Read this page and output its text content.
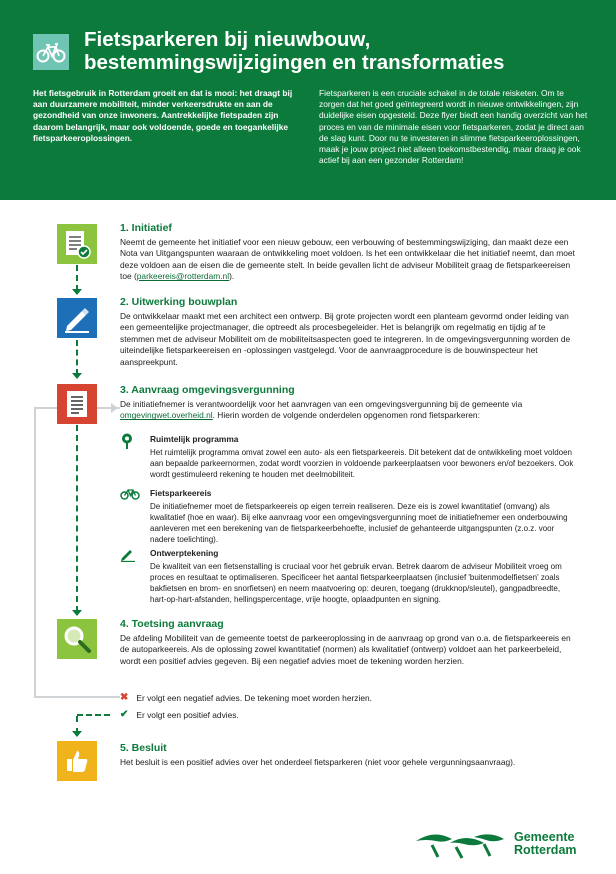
Fietsparkeren bij nieuwbouw,
bestemmingswijzigingen en transformaties
Het fietsgebruik in Rotterdam groeit en dat is mooi: het draagt bij aan duurzamere mobiliteit, minder verkeersdrukte en aan de gezondheid van onze inwoners. Aantrekkelijke fietspaden zijn daarom belangrijk, maar ook voldoende, goede en toegankelijke fietsparkeeroplossingen.
Fietsparkeren is een cruciale schakel in de totale reisketen. Om te zorgen dat het goed geïntegreerd wordt in nieuwe ontwikkelingen, zijn duidelijke eisen opgesteld. Deze flyer biedt een handig overzicht van het proces en van de minimale eisen voor fietsparkeren, zodat je direct aan de slag kunt. Door nu te investeren in slimme fietsparkeeroplossingen, maak je jouw project niet alleen toekomstbestendig, maar draag je ook actief bij aan een gezonder Rotterdam!
1. Initiatief
Neemt de gemeente het initiatief voor een nieuw gebouw, een verbouwing of bestemmingswijziging, dan maakt deze een Nota van Uitgangspunten waaraan de ontwikkeling moet voldoen. Is het een ontwikkelaar die het initiatief neemt, dan moet deze voldoen aan de eisen die de gemeente stelt. In beide gevallen licht de adviseur Mobiliteit graag de fietsparkeereisen toe (parkeereis@rotterdam.nl).
2. Uitwerking bouwplan
De ontwikkelaar maakt met een architect een ontwerp. Bij grote projecten wordt een planteam gevormd onder leiding van een gemeentelijke projectmanager, die optreedt als procesbegeleider. Het is belangrijk om regelmatig en tijdig af te stemmen met de adviseur Mobiliteit om de mobiliteitsaspecten goed te integreren. In de omgevingsvergunning worden de uiteindelijke fietsparkeereisen en -oplossingen vastgelegd. Voor de aanvraagprocedure is de bouwinspecteur het aanspreekpunt.
3. Aanvraag omgevingsvergunning
De initiatiefnemer is verantwoordelijk voor het aanvragen van een omgevingsvergunning bij de gemeente via omgevingwet.overheid.nl. Hierin worden de volgende onderdelen opgenomen rond fietsparkeren:
Ruimtelijk programma
Het ruimtelijk programma omvat zowel een auto- als een fietsparkeereis. Dit betekent dat de ontwikkeling moet voldoen aan bepaalde parkeernormen, zodat wordt voorzien in voldoende parkeerplaatsen voor bewoners en/of bezoekers. Ook wordt gestimuleerd rekening te houden met deelmobiliteit.
Fietsparkeereis
De initiatiefnemer moet de fietsparkeereis op eigen terrein realiseren. Deze eis is zowel kwantitatief (omvang) als kwalitatief (hoe en waar). Bij elke aanvraag voor een omgevingsvergunning moet de initiatiefnemer een onderbouwing aanleveren met een berekening van de fietsparkeerbehoefte, inclusief de gehanteerde uitgangspunten (z.o.z. voor nadere toelichting).
Ontwerptekening
De kwaliteit van een fietsenstalling is cruciaal voor het gebruik ervan. Betrek daarom de adviseur Mobiliteit vroeg om proces en resultaat te optimaliseren. Specificeer het aantal fietsparkeerplaatsen (inclusief 'buitenmodelfietsen' zoals bakfietsen en brom- en snorfietsen) en neem maatvoering op: deuren, toegang (drukknop/sleutel), gangpadbreedte, hart-op-hart-afstanden, hellingspercentage, vrije hoogte, oplaadpunten en signing.
4. Toetsing aanvraag
De afdeling Mobiliteit van de gemeente toetst de parkeeroplossing in de aanvraag op grond van o.a. de fietsparkeereis en de autoparkeereis. Als de oplossing zowel kwantitatief (normen) als kwalitatief (ontwerp) voldoet aan het parkeerbeleid, wordt een positief advies gegeven. Bij een negatief advies moet de tekening worden herzien.
✖ Er volgt een negatief advies. De tekening moet worden herzien.
✔ Er volgt een positief advies.
5. Besluit
Het besluit is een positief advies over het onderdeel fietsparkeren (niet voor gehele vergunningsaanvraag).
Gemeente
Rotterdam
